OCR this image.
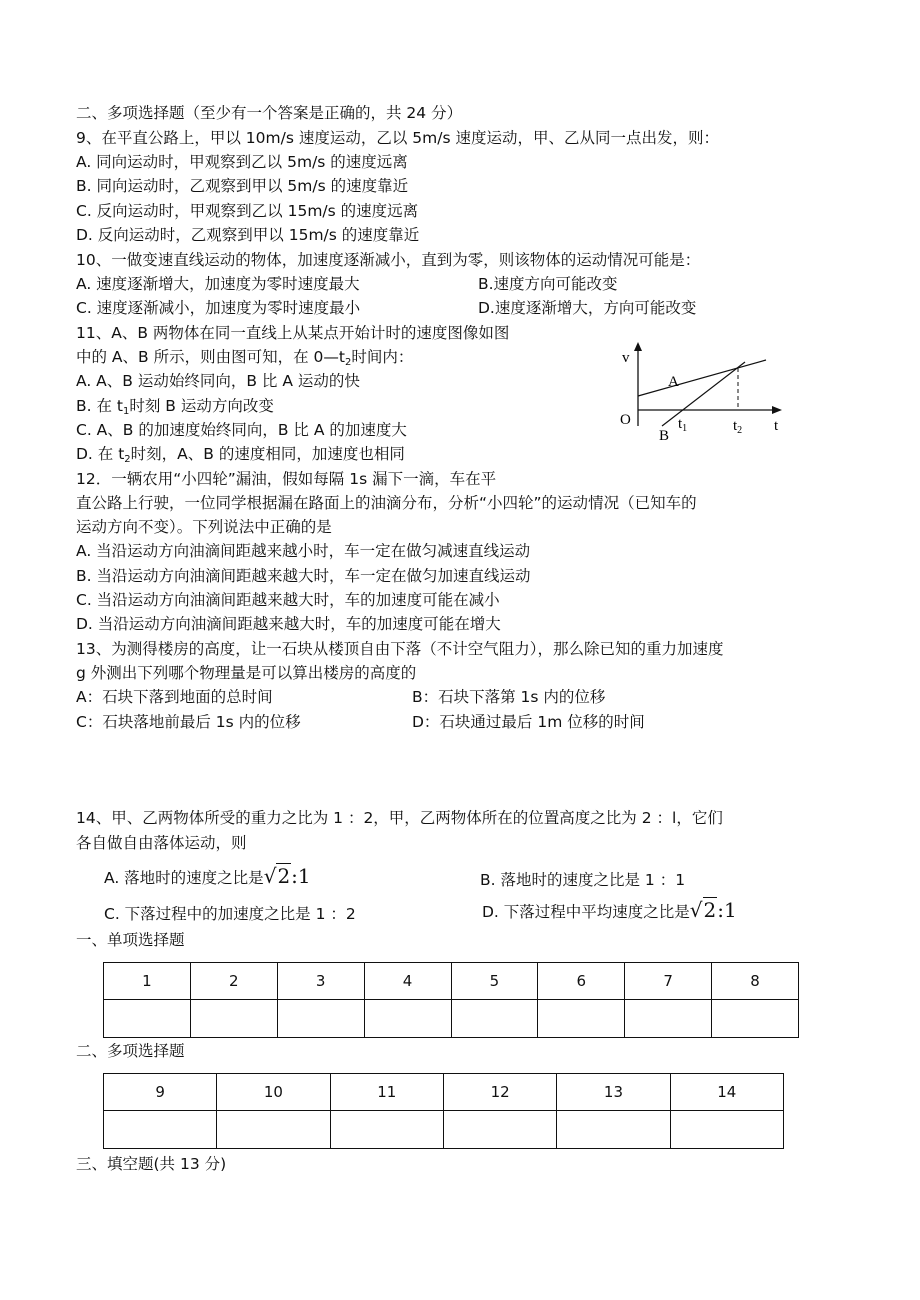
二、多项选择题（至少有一个答案是正确的，共 24 分）
9、在平直公路上，甲以 10m/s 速度运动，乙以 5m/s 速度运动，甲、乙从同一点出发，则：
A. 同向运动时，甲观察到乙以 5m/s 的速度远离
B. 同向运动时，乙观察到甲以 5m/s 的速度靠近
C. 反向运动时，甲观察到乙以 15m/s 的速度远离
D. 反向运动时，乙观察到甲以 15m/s 的速度靠近
10、一做变速直线运动的物体，加速度逐渐减小，直到为零，则该物体的运动情况可能是：
A. 速度逐渐增大，加速度为零时速度最大	B.速度方向可能改变
C. 速度逐渐减小，加速度为零时速度最小	D.速度逐渐增大，方向可能改变
11、A、B 两物体在同一直线上从某点开始计时的速度图像如图
中的 A、B 所示，则由图可知，在 $0—t_2$时间内：
A. A、B 运动始终同向，B 比 A 运动的快
B. 在 $t_1$时刻 B 运动方向改变
C. A、B 的加速度始终同向，B 比 A 的加速度大
D. 在 $t_2$时刻，A、B 的速度相同，加速度也相同
v
O
A
B
$t_1$	$t_2$ t
12．一辆农用“小四轮”漏油，假如每隔 1s 漏下一滴，车在平
直公路上行驶，一位同学根据漏在路面上的油滴分布，分析“小四轮”的运动情况（已知车的
运动方向不变）。下列说法中正确的是
A. 当沿运动方向油滴间距越来越小时，车一定在做匀减速直线运动
B. 当沿运动方向油滴间距越来越大时，车一定在做匀加速直线运动
C. 当沿运动方向油滴间距越来越大时，车的加速度可能在减小
D. 当沿运动方向油滴间距越来越大时，车的加速度可能在增大
13、为测得楼房的高度，让一石块从楼顶自由下落（不计空气阻力），那么除已知的重力加速度
g 外测出下列哪个物理量是可以算出楼房的高度的
A：石块下落到地面的总时间	B：石块下落第 1s 内的位移
C：石块落地前最后 1s 内的位移	D：石块通过最后 1m 位移的时间
14、甲、乙两物体所受的重力之比为 1 ：2，甲，乙两物体所在的位置高度之比为 2 ：l，它们
各自做自由落体运动，则
A. 落地时的速度之比是√2:1	B. 落地时的速度之比是 1 ：1
C. 下落过程中的加速度之比是 1 ：2	D. 下落过程中平均速度之比是√2:1
一、单项选择题
1	2	3	4	5	6	7	8

二、多项选择题
9	10	11	12	13	14

三、填空题(共 13 分)
